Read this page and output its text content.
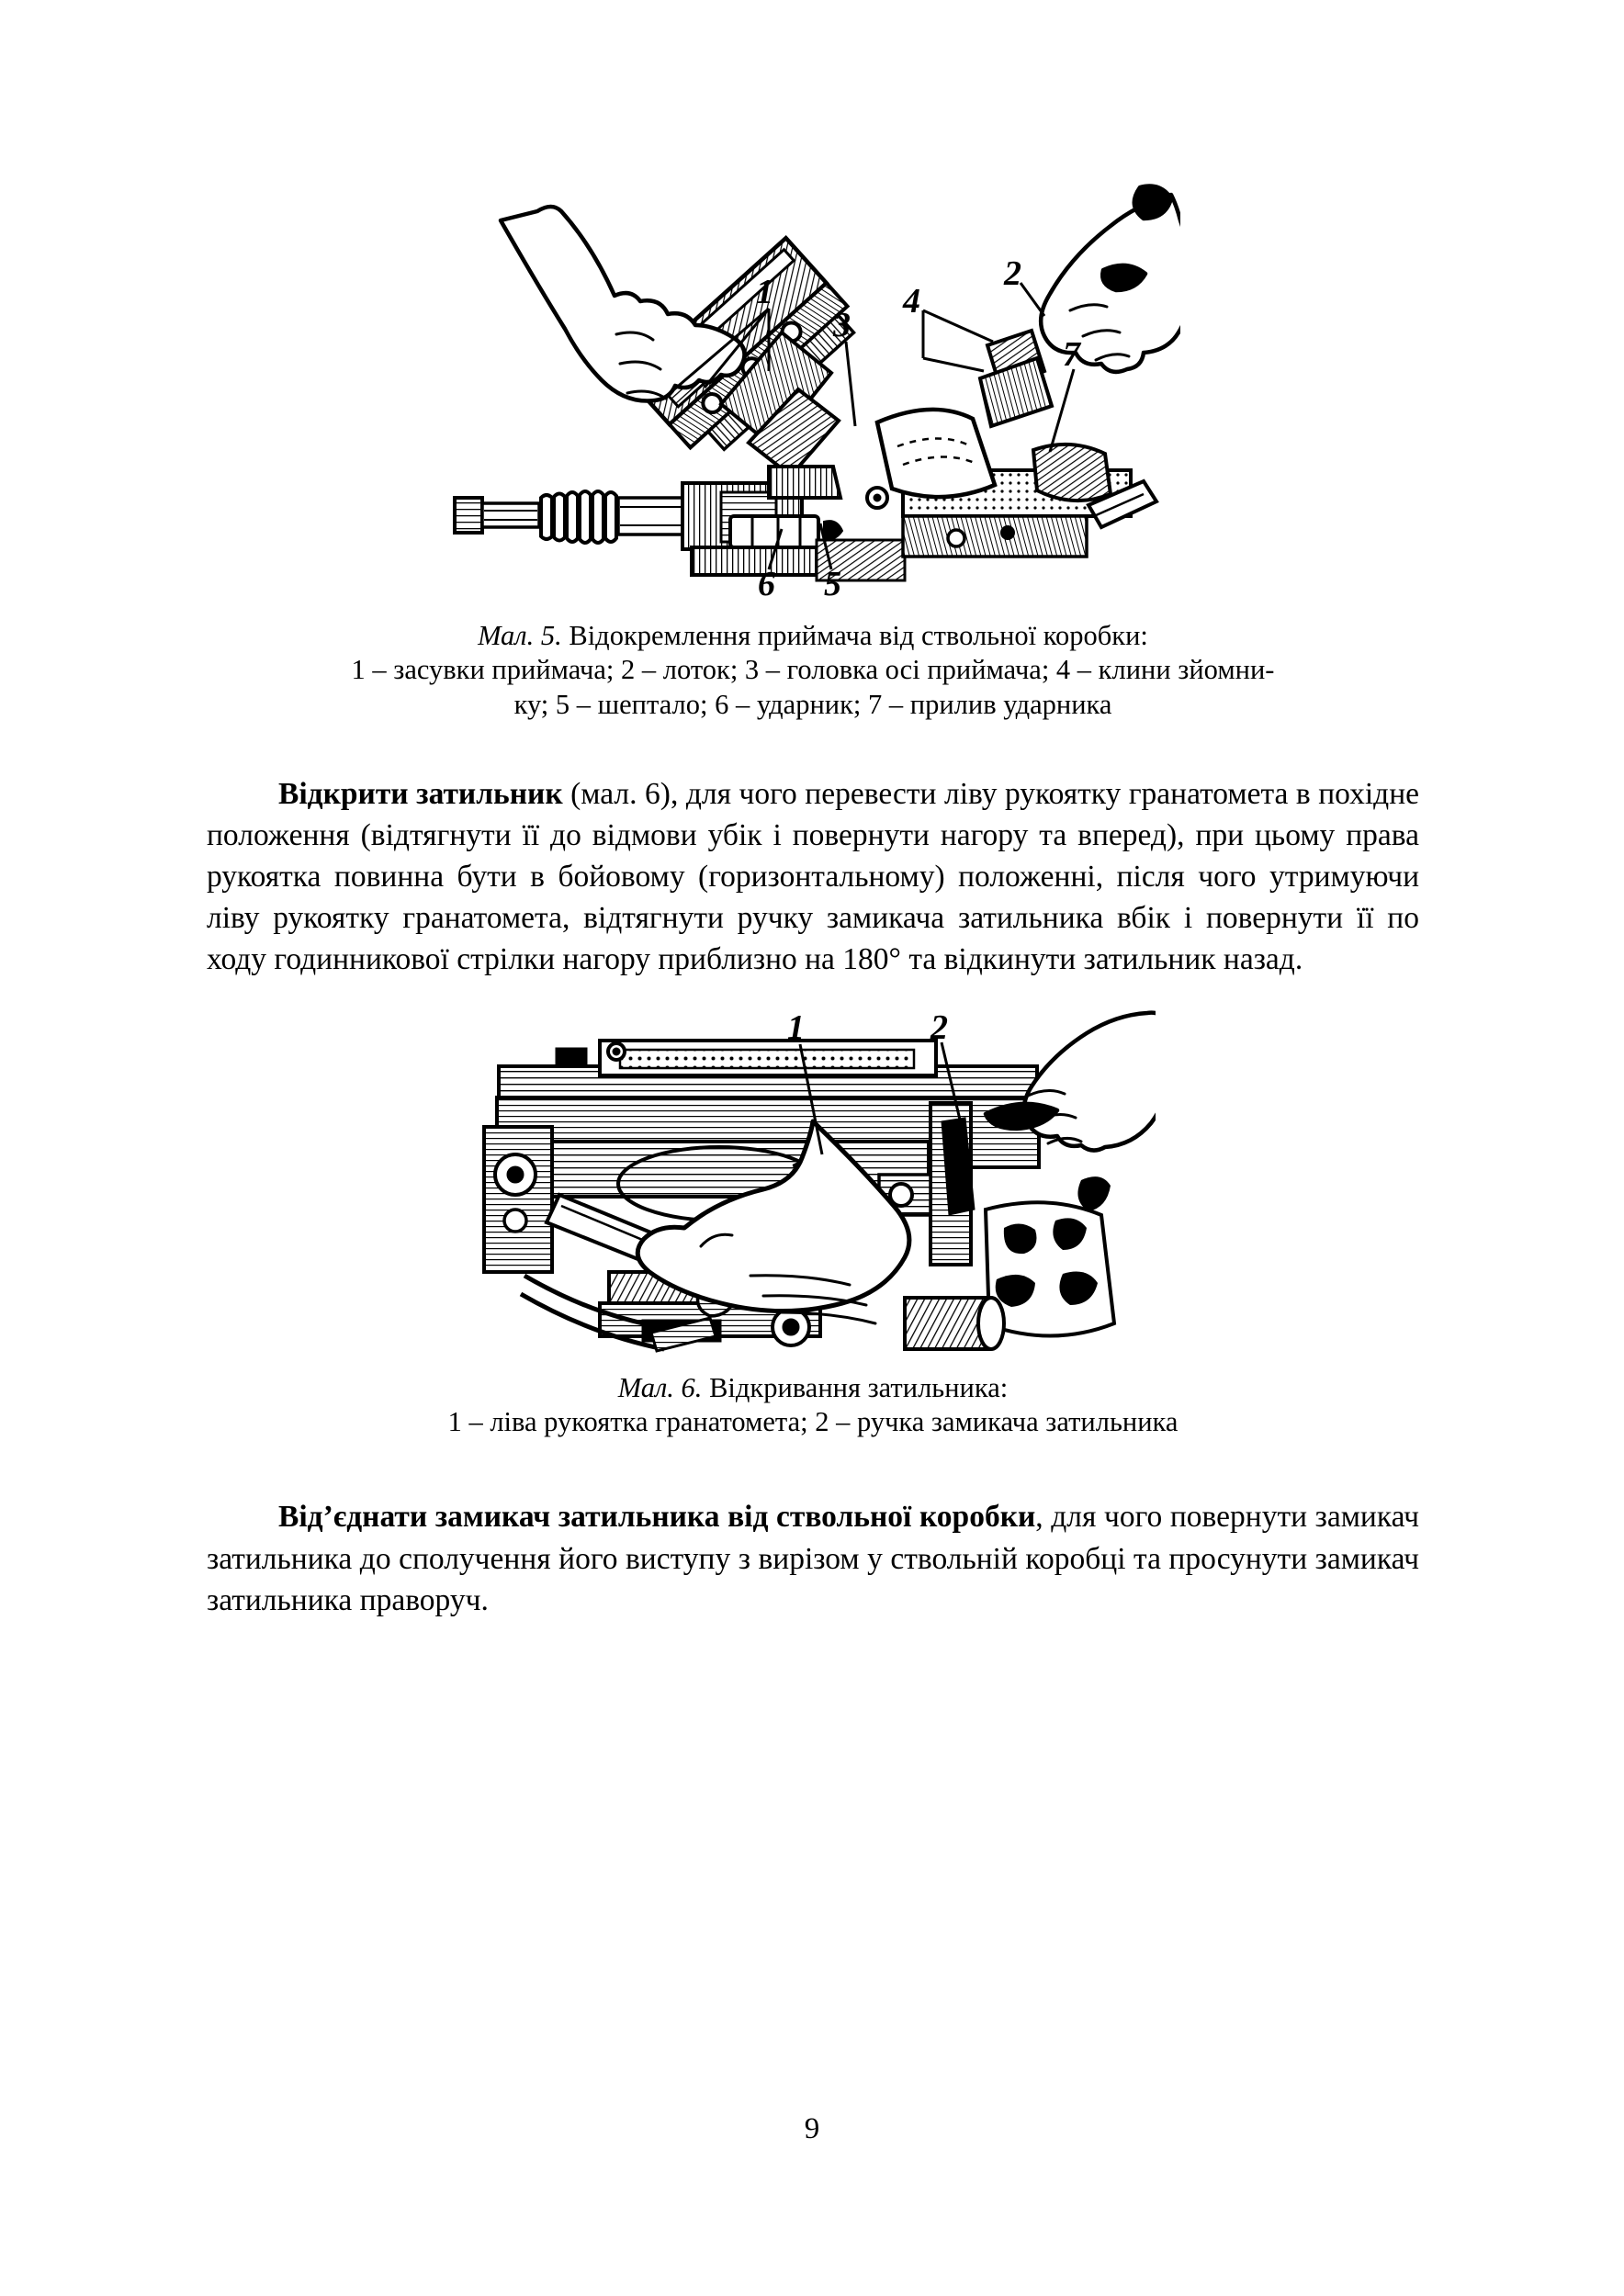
1	2
3
4
5
6
7
Мал. 5. Відокремлення приймача від ствольної коробки:
1 – засувки приймача; 2 – лоток; 3 – головка осі приймача; 4 – клини зйомни-
ку; 5 – шептало; 6 – ударник; 7 – прилив ударника

Відкрити затильник (мал. 6), для чого перевести ліву рукоятку гранатомета в похідне положення (відтягнути її до відмови убік і повернути нагору та вперед), при цьому права рукоятка повинна бути в бойовому (горизонтальному) положенні, після чого утримуючи ліву рукоятку гранатомета, відтягнути ручку замикача затильника вбік і повернути її по ходу годинникової стрілки нагору приблизно на 180° та відкинути затильник назад.

1	2
Мал. 6. Відкривання затильника:
1 – ліва рукоятка гранатомета; 2 – ручка замикача затильника

Від’єднати замикач затильника від ствольної коробки, для чого повернути замикач затильника до сполучення його виступу з вирізом у ствольній коробці та просунути замикач затильника праворуч.

9
